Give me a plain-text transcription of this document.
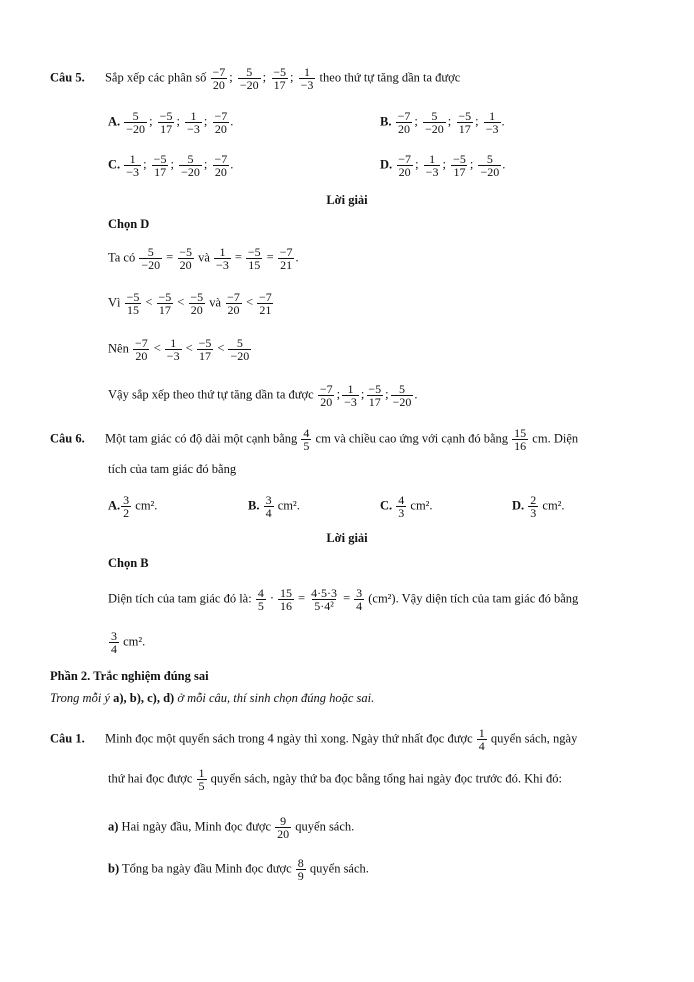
Câu 5. Sắp xếp các phân số $\frac{-7}{20}$ ; $\frac{5}{-20}$ ; $\frac{-5}{17}$ ; $\frac{1}{-3}$ theo thứ tự tăng dần ta được
A. $\frac{5}{-20}$ ; $\frac{-5}{17}$ ; $\frac{1}{-3}$ ; $\frac{-7}{20}$ .	B. $\frac{-7}{20}$ ; $\frac{5}{-20}$ ; $\frac{-5}{17}$ ; $\frac{1}{-3}$ .
C. $\frac{1}{-3}$ ; $\frac{-5}{17}$ ; $\frac{5}{-20}$ ; $\frac{-7}{20}$ .	D. $\frac{-7}{20}$ ; $\frac{1}{-3}$ ; $\frac{-5}{17}$ ; $\frac{5}{-20}$ .
Lời giải
Chọn D
Ta có $\frac{5}{-20} = \frac{-5}{20}$ và $\frac{1}{-3} = \frac{-5}{15} = \frac{-7}{21}$ .
Vì $\frac{-5}{15} < \frac{-5}{17} < \frac{-5}{20}$ và $\frac{-7}{20} < \frac{-7}{21}$
Nên $\frac{-7}{20} < \frac{1}{-3} < \frac{-5}{17} < \frac{5}{-20}$
Vậy sắp xếp theo thứ tự tăng dần ta được $\frac{-7}{20}$ ; $\frac{1}{-3}$ ; $\frac{-5}{17}$ ; $\frac{5}{-20}$ .
Câu 6. Một tam giác có độ dài một cạnh bằng $\frac{4}{5}$ cm và chiều cao ứng với cạnh đó bằng $\frac{15}{16}$ cm. Diện
tích của tam giác đó bằng
A. $\frac{3}{2} cm^2$.	B. $\frac{3}{4} cm^2$.	C. $\frac{4}{3} cm^2$.	D. $\frac{2}{3} cm^2$.
Lời giải
Chọn B
Diện tích của tam giác đó là: $\frac{4}{5} \cdot \frac{15}{16} = \frac{4\cdot 5\cdot 3}{\text{5·4²}} = \frac{3}{4} (cm^2)$. Vậy diện tích của tam giác đó bằng
$\frac{3}{4} cm^2$.
Phần 2. Trắc nghiệm đúng sai
Trong mỗi ý a), b), c), d) ở mỗi câu, thí sinh chọn đúng hoặc sai.
Câu 1. Minh đọc một quyển sách trong 4 ngày thì xong. Ngày thứ nhất đọc được $\frac{1}{4}$ quyển sách, ngày
thứ hai đọc được $\frac{1}{5}$ quyển sách, ngày thứ ba đọc bằng tổng hai ngày đọc trước đó. Khi đó:
a) Hai ngày đầu, Minh đọc được $\frac{9}{20}$ quyển sách.
b) Tổng ba ngày đầu Minh đọc được $\frac{8}{9}$ quyển sách.
